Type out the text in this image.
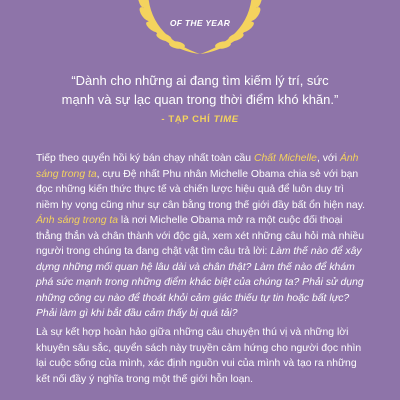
OF THE YEAR

“Dành cho những ai đang tìm kiếm lý trí, sức mạnh và sự lạc quan trong thời điểm khó khăn.”

- TẠP CHÍ TIME

Tiếp theo quyển hồi ký bán chạy nhất toàn cầu Chất Michelle, với Ánh sáng trong ta, cựu Đệ nhất Phu nhân Michelle Obama chia sẻ với bạn đọc những kiến thức thực tế và chiến lược hiệu quả để luôn duy trì niềm hy vọng cũng như sự cân bằng trong thế giới đầy bất ổn hiện nay.

Ánh sáng trong ta là nơi Michelle Obama mở ra một cuộc đối thoại thẳng thắn và chân thành với độc giả, xem xét những câu hỏi mà nhiều người trong chúng ta đang chật vật tìm câu trả lời: Làm thế nào để xây dựng những mối quan hệ lâu dài và chân thật? Làm thế nào để khám phá sức mạnh trong những điểm khác biệt của chúng ta? Phải sử dụng những công cụ nào để thoát khỏi cảm giác thiếu tự tin hoặc bất lực? Phải làm gì khi bắt đầu cảm thấy bị quá tải?

Là sự kết hợp hoàn hảo giữa những câu chuyện thú vị và những lời khuyên sâu sắc, quyển sách này truyền cảm hứng cho người đọc nhìn lại cuộc sống của mình, xác định nguồn vui của mình và tạo ra những kết nối đầy ý nghĩa trong một thế giới hỗn loạn.
